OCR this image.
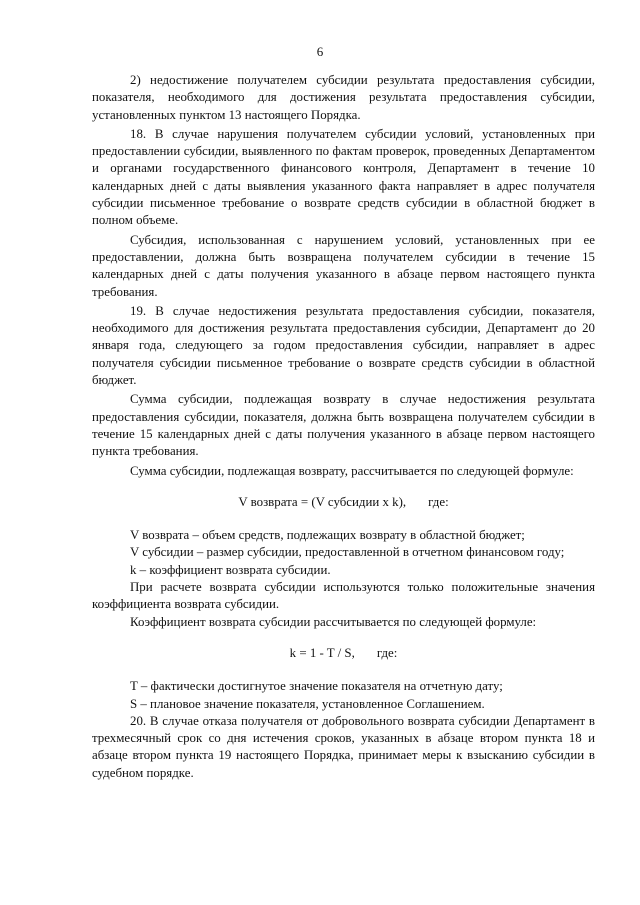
6

2) недостижение получателем субсидии результата предоставления субсидии, показателя, необходимого для достижения результата предоставления субсидии, установленных пунктом 13 настоящего Порядка.

18. В случае нарушения получателем субсидии условий, установленных при предоставлении субсидии, выявленного по фактам проверок, проведенных Департаментом и органами государственного финансового контроля, Департамент в течение 10 календарных дней с даты выявления указанного факта направляет в адрес получателя субсидии письменное требование о возврате средств субсидии в областной бюджет в полном объеме.

Субсидия, использованная с нарушением условий, установленных при ее предоставлении, должна быть возвращена получателем субсидии в течение 15 календарных дней с даты получения указанного в абзаце первом настоящего пункта требования.

19. В случае недостижения результата предоставления субсидии, показателя, необходимого для достижения результата предоставления субсидии, Департамент до 20 января года, следующего за годом предоставления субсидии, направляет в адрес получателя субсидии письменное требование о возврате средств субсидии в областной бюджет.

Сумма субсидии, подлежащая возврату в случае недостижения результата предоставления субсидии, показателя, должна быть возвращена получателем субсидии в течение 15 календарных дней с даты получения указанного в абзаце первом настоящего пункта требования.

Сумма субсидии, подлежащая возврату, рассчитывается по следующей формуле:

V возврата = (V субсидии x k), где:

V возврата – объем средств, подлежащих возврату в областной бюджет;

V субсидии – размер субсидии, предоставленной в отчетном финансовом году;

k – коэффициент возврата субсидии.

При расчете возврата субсидии используются только положительные значения коэффициента возврата субсидии.

Коэффициент возврата субсидии рассчитывается по следующей формуле:

k = 1 - T / S, где:

T – фактически достигнутое значение показателя на отчетную дату;

S – плановое значение показателя, установленное Соглашением.

20. В случае отказа получателя от добровольного возврата субсидии Департамент в трехмесячный срок со дня истечения сроков, указанных в абзаце втором пункта 18 и абзаце втором пункта 19 настоящего Порядка, принимает меры к взысканию субсидии в судебном порядке.
